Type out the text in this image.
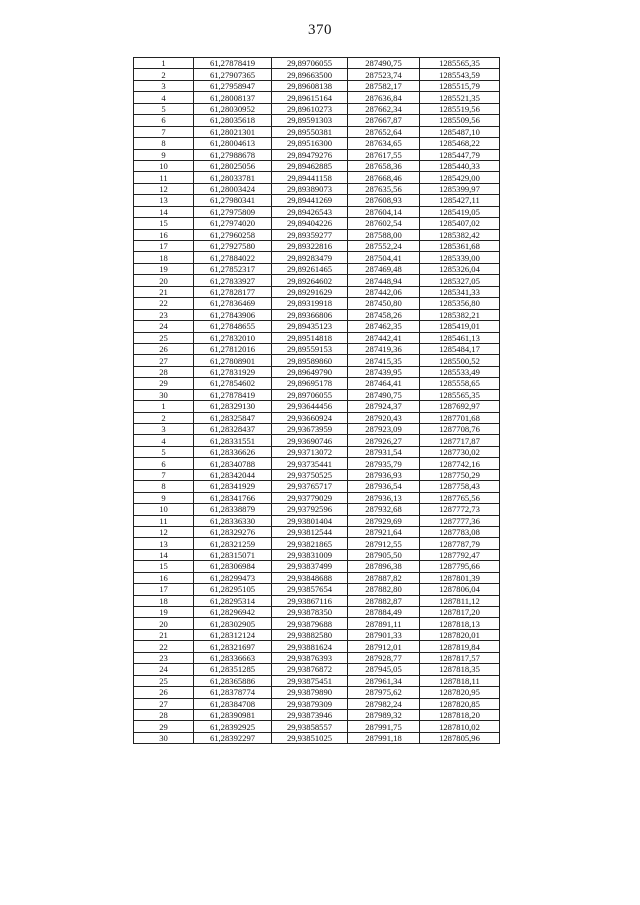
370
1	61,27878419	29,89706055	287490,75	1285565,35
2	61,27907365	29,89663500	287523,74	1285543,59
3	61,27958947	29,89608138	287582,17	1285515,79
4	61,28008137	29,89615164	287636,84	1285521,35
5	61,28030952	29,89610273	287662,34	1285519,56
6	61,28035618	29,89591303	287667,87	1285509,56
7	61,28021301	29,89550381	287652,64	1285487,10
8	61,28004613	29,89516300	287634,65	1285468,22
9	61,27988678	29,89479276	287617,55	1285447,79
10	61,28025056	29,89462885	287658,36	1285440,33
11	61,28033781	29,89441158	287668,46	1285429,00
12	61,28003424	29,89389073	287635,56	1285399,97
13	61,27980341	29,89441269	287608,93	1285427,11
14	61,27975809	29,89426543	287604,14	1285419,05
15	61,27974020	29,89404226	287602,54	1285407,02
16	61,27960258	29,89359277	287588,00	1285382,42
17	61,27927580	29,89322816	287552,24	1285361,68
18	61,27884022	29,89283479	287504,41	1285339,00
19	61,27852317	29,89261465	287469,48	1285326,04
20	61,27833927	29,89264602	287448,94	1285327,05
21	61,27828177	29,89291629	287442,06	1285341,33
22	61,27836469	29,89319918	287450,80	1285356,80
23	61,27843906	29,89366806	287458,26	1285382,21
24	61,27848655	29,89435123	287462,35	1285419,01
25	61,27832010	29,89514818	287442,41	1285461,13
26	61,27812016	29,89559153	287419,36	1285484,17
27	61,27808901	29,89589860	287415,35	1285500,52
28	61,27831929	29,89649790	287439,95	1285533,49
29	61,27854602	29,89695178	287464,41	1285558,65
30	61,27878419	29,89706055	287490,75	1285565,35
1	61,28329130	29,93644456	287924,37	1287692,97
2	61,28325847	29,93660924	287920,43	1287701,68
3	61,28328437	29,93673959	287923,09	1287708,76
4	61,28331551	29,93690746	287926,27	1287717,87
5	61,28336626	29,93713072	287931,54	1287730,02
6	61,28340788	29,93735441	287935,79	1287742,16
7	61,28342044	29,93750525	287936,93	1287750,29
8	61,28341929	29,93765717	287936,54	1287758,43
9	61,28341766	29,93779029	287936,13	1287765,56
10	61,28338879	29,93792596	287932,68	1287772,73
11	61,28336330	29,93801404	287929,69	1287777,36
12	61,28329276	29,93812544	287921,64	1287783,08
13	61,28321259	29,93821865	287912,55	1287787,79
14	61,28315071	29,93831009	287905,50	1287792,47
15	61,28306984	29,93837499	287896,38	1287795,66
16	61,28299473	29,93848688	287887,82	1287801,39
17	61,28295105	29,93857654	287882,80	1287806,04
18	61,28295314	29,93867116	287882,87	1287811,12
19	61,28296942	29,93878350	287884,49	1287817,20
20	61,28302905	29,93879688	287891,11	1287818,13
21	61,28312124	29,93882580	287901,33	1287820,01
22	61,28321697	29,93881624	287912,01	1287819,84
23	61,28336663	29,93876393	287928,77	1287817,57
24	61,28351285	29,93876872	287945,05	1287818,35
25	61,28365886	29,93875451	287961,34	1287818,11
26	61,28378774	29,93879890	287975,62	1287820,95
27	61,28384708	29,93879309	287982,24	1287820,85
28	61,28390981	29,93873946	287989,32	1287818,20
29	61,28392925	29,93858557	287991,75	1287810,02
30	61,28392297	29,93851025	287991,18	1287805,96
